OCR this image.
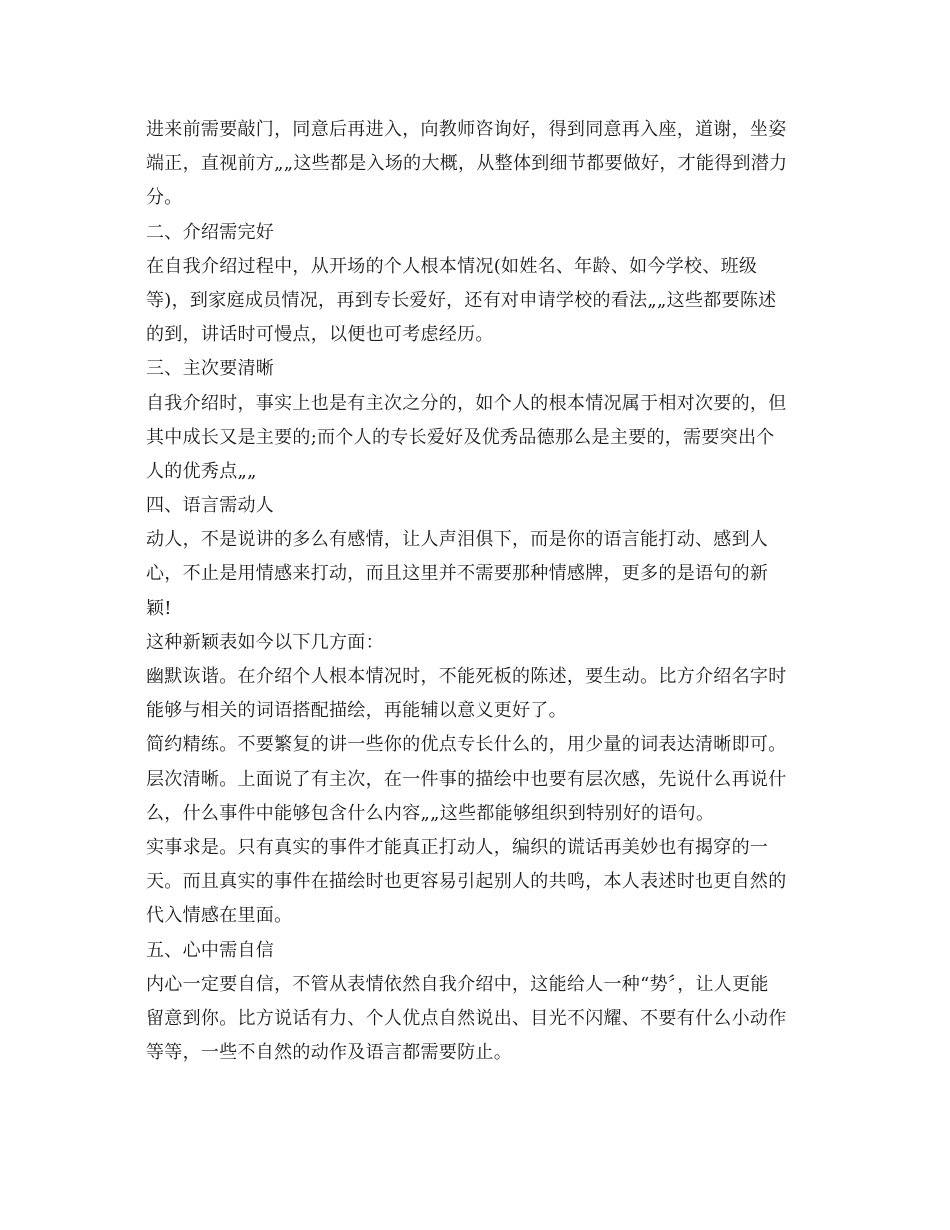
进来前需要敲门，同意后再进入，向教师咨询好，得到同意再入座，道谢，坐姿
端正，直视前方„„这些都是入场的大概，从整体到细节都要做好，才能得到潜力
分。
二、介绍需完好
在自我介绍过程中，从开场的个人根本情况(如姓名、年龄、如今学校、班级
等)，到家庭成员情况，再到专长爱好，还有对申请学校的看法„„这些都要陈述
的到，讲话时可慢点，以便也可考虑经历。
三、主次要清晰
自我介绍时，事实上也是有主次之分的，如个人的根本情况属于相对次要的，但
其中成长又是主要的;而个人的专长爱好及优秀品德那么是主要的，需要突出个
人的优秀点„„
四、语言需动人
动人，不是说讲的多么有感情，让人声泪俱下，而是你的语言能打动、感到人
心，不止是用情感来打动，而且这里并不需要那种情感牌，更多的是语句的新
颖!
这种新颖表如今以下几方面：
幽默诙谐。在介绍个人根本情况时，不能死板的陈述，要生动。比方介绍名字时
能够与相关的词语搭配描绘，再能辅以意义更好了。
简约精练。不要繁复的讲一些你的优点专长什么的，用少量的词表达清晰即可。
层次清晰。上面说了有主次，在一件事的描绘中也要有层次感，先说什么再说什
么，什么事件中能够包含什么内容„„这些都能够组织到特别好的语句。
实事求是。只有真实的事件才能真正打动人，编织的谎话再美妙也有揭穿的一
天。而且真实的事件在描绘时也更容易引起别人的共鸣，本人表述时也更自然的
代入情感在里面。
五、心中需自信
内心一定要自信，不管从表情依然自我介绍中，这能给人一种“势〞，让人更能
留意到你。比方说话有力、个人优点自然说出、目光不闪耀、不要有什么小动作
等等，一些不自然的动作及语言都需要防止。
